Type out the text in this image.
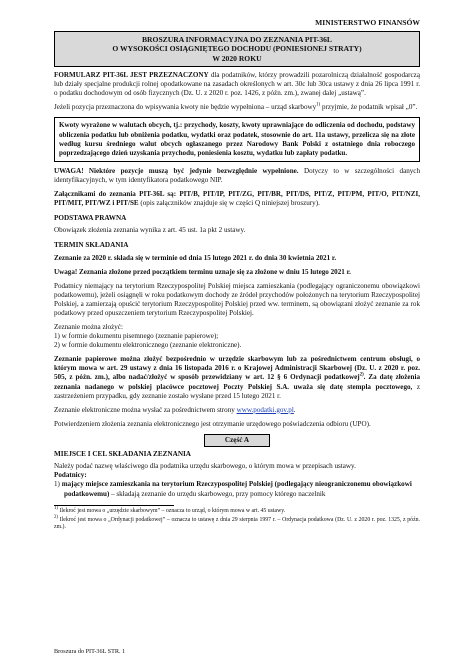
MINISTERSTWO FINANSÓW
BROSZURA INFORMACYJNA DO ZEZNANIA PIT-36L
O WYSOKOŚCI OSIĄGNIĘTEGO DOCHODU (PONIESIONEJ STRATY)
W 2020 ROKU

FORMULARZ PIT-36L JEST PRZEZNACZONY dla podatników, którzy prowadzili pozarolniczą działalność gospodarczą lub działy specjalne produkcji rolnej opodatkowane na zasadach określonych w art. 30c lub 30ca ustawy z dnia 26 lipca 1991 r. o podatku dochodowym od osób fizycznych (Dz. U. z 2020 r. poz. 1426, z późn. zm.), zwanej dalej „ustawą”.

Jeżeli pozycja przeznaczona do wpisywania kwoty nie będzie wypełniona – urząd skarbowy$^{1)}$ przyjmie, że podatnik wpisał „0”.

Kwoty wyrażone w walutach obcych, tj.: przychody, koszty, kwoty uprawniające do odliczenia od dochodu, podstawy obliczenia podatku lub obniżenia podatku, wydatki oraz podatek, stosownie do art. 11a ustawy, przelicza się na złote według kursu średniego walut obcych ogłaszanego przez Narodowy Bank Polski z ostatniego dnia roboczego poprzedzającego dzień uzyskania przychodu, poniesienia kosztu, wydatku lub zapłaty podatku.

UWAGA! Niektóre pozycje muszą być jedynie bezwzględnie wypełnione. Dotyczy to w szczególności danych identyfikacyjnych, w tym identyfikatora podatkowego NIP.

Załącznikami do zeznania PIT-36L są: PIT/B, PIT/IP, PIT/ZG, PIT/BR, PIT/DS, PIT/Z, PIT/PM, PIT/O, PIT/NZI, PIT/MIT, PIT/WZ i PIT/SE (opis załączników znajduje się w części Q niniejszej broszury).

PODSTAWA PRAWNA

Obowiązek złożenia zeznania wynika z art. 45 ust. 1a pkt 2 ustawy.

TERMIN SKŁADANIA

Zeznanie za 2020 r. składa się w terminie od dnia 15 lutego 2021 r. do dnia 30 kwietnia 2021 r.

Uwaga! Zeznania złożone przed początkiem terminu uznaje się za złożone w dniu 15 lutego 2021 r.

Podatnicy niemający na terytorium Rzeczypospolitej Polskiej miejsca zamieszkania (podlegający ograniczonemu obowiązkowi podatkowemu), jeżeli osiągnęli w roku podatkowym dochody ze źródeł przychodów położonych na terytorium Rzeczypospolitej Polskiej, a zamierzają opuścić terytorium Rzeczypospolitej Polskiej przed ww. terminem, są obowiązani złożyć zeznanie za rok podatkowy przed opuszczeniem terytorium Rzeczypospolitej Polskiej.

Zeznanie można złożyć:

1) w formie dokumentu pisemnego (zeznanie papierowe);
2) w formie dokumentu elektronicznego (zeznanie elektroniczne).

Zeznanie papierowe można złożyć bezpośrednio w urzędzie skarbowym lub za pośrednictwem centrum obsługi, o którym mowa w art. 29 ustawy z dnia 16 listopada 2016 r. o Krajowej Administracji Skarbowej (Dz. U. z 2020 r. poz. 505, z późn. zm.), albo nadać/złożyć w sposób przewidziany w art. 12 § 6 Ordynacji podatkowej$^{2)}$. Za datę złożenia zeznania nadanego w polskiej placówce pocztowej Poczty Polskiej S.A. uważa się datę stempla pocztowego, z zastrzeżeniem przypadku, gdy zeznanie zostało wysłane przed 15 lutego 2021 r.

Zeznanie elektroniczne można wysłać za pośrednictwem strony www.podatki.gov.pl.

Potwierdzeniem złożenia zeznania elektronicznego jest otrzymanie urzędowego poświadczenia odbioru (UPO).

Część A
MIEJSCE I CEL SKŁADANIA ZEZNANIA

Należy podać nazwę właściwego dla podatnika urzędu skarbowego, o którym mowa w przepisach ustawy.

Podatnicy:
1) mający miejsce zamieszkania na terytorium Rzeczypospolitej Polskiej (podlegający nieograniczonemu obowiązkowi podatkowemu) – składają zeznanie do urzędu skarbowego, przy pomocy którego naczelnik

$^{1)}$ Ilekroć jest mowa o „urzędzie skarbowym” – oznacza to urząd, o którym mowa w art. 45 ustawy.

$^{2)}$ Ilekroć jest mowa o „Ordynacji podatkowej” – oznacza to ustawę z dnia 29 sierpnia 1997 r. – Ordynacja podatkowa (Dz. U. z 2020 r. poz. 1325, z późn. zm.).

Broszura do PIT-36L STR. 1
